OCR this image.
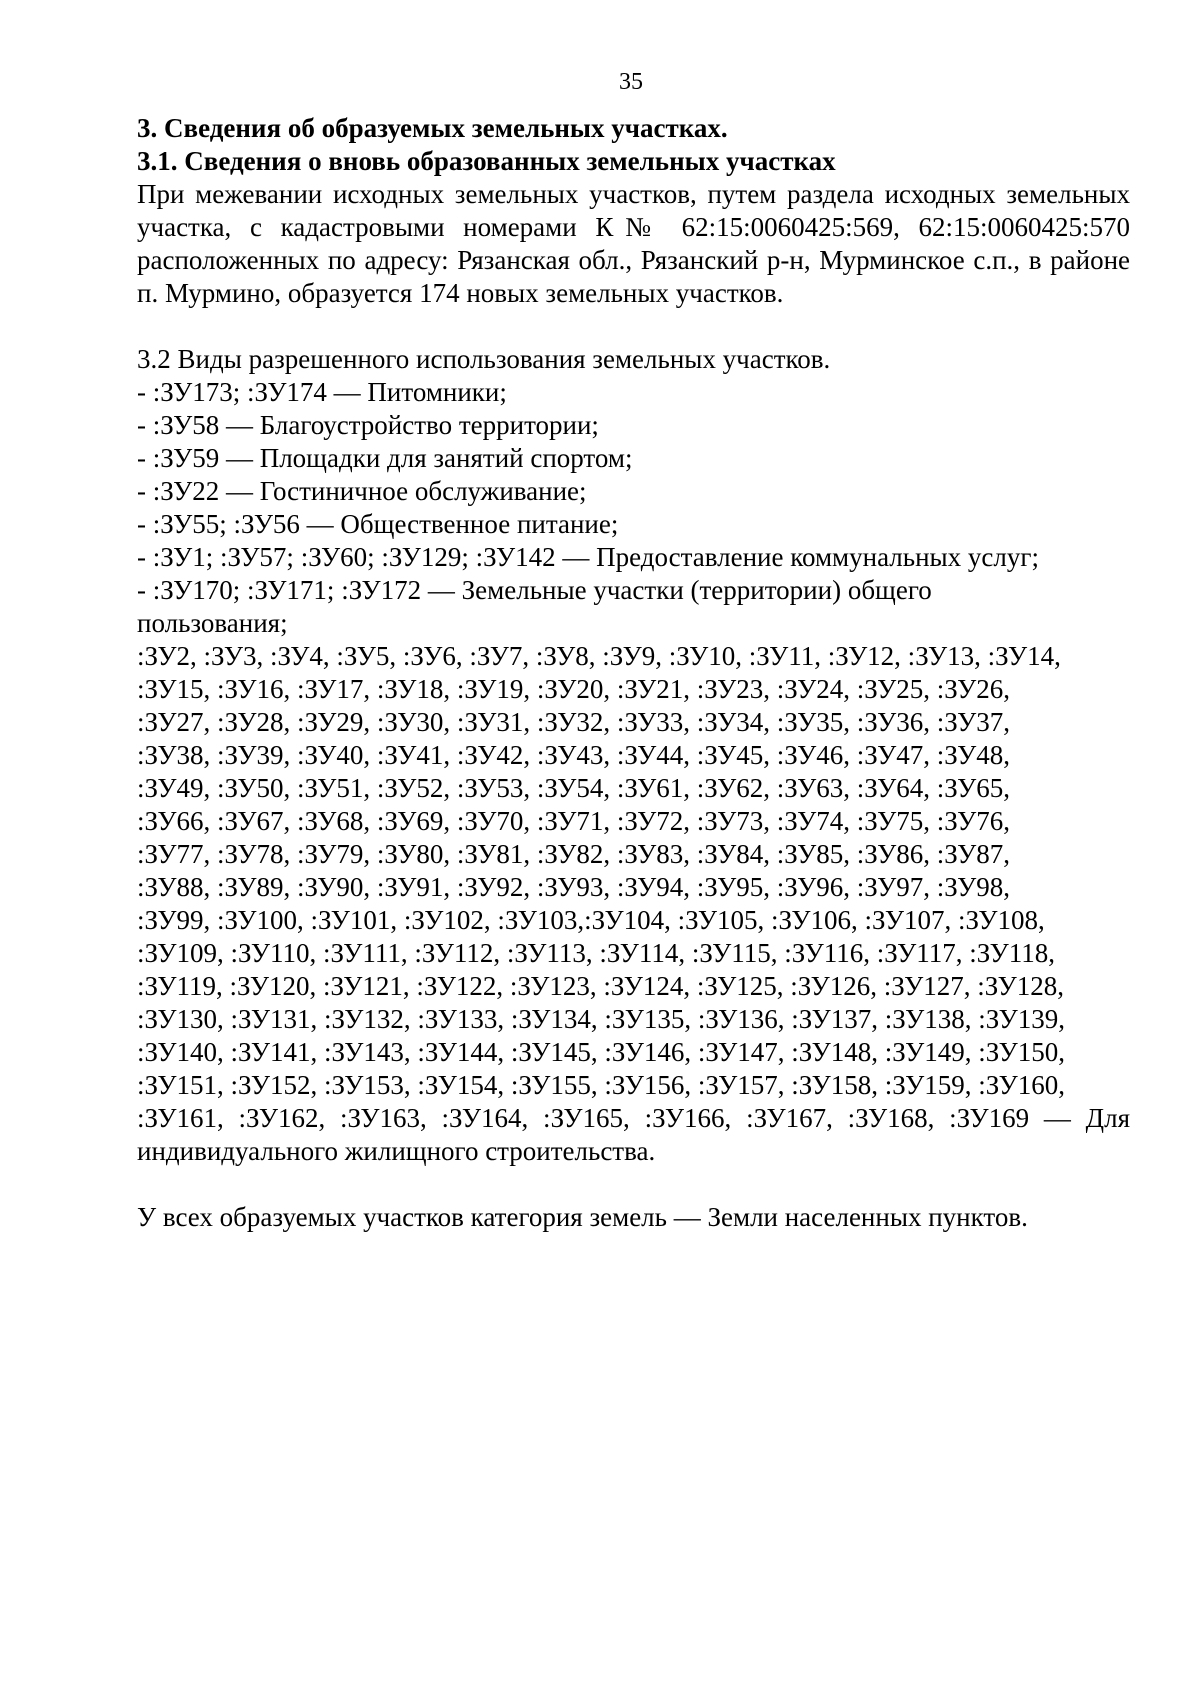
35

3. Сведения об образуемых земельных участках.

3.1. Сведения о вновь образованных земельных участках

При межевании исходных земельных участков, путем раздела исходных земельных участка, с кадастровыми номерами К№ 62:15:0060425:569, 62:15:0060425:570 расположенных по адресу: Рязанская обл., Рязанский р-н, Мурминское с.п., в районе п. Мурмино, образуется 174 новых земельных участков.

3.2 Виды разрешенного использования земельных участков.

- :ЗУ173; :ЗУ174 — Питомники;

- :ЗУ58 — Благоустройство территории;

- :ЗУ59 — Площадки для занятий спортом;

- :ЗУ22 — Гостиничное обслуживание;

- :ЗУ55; :ЗУ56 — Общественное питание;

- :ЗУ1; :ЗУ57; :ЗУ60; :ЗУ129; :ЗУ142 — Предоставление коммунальных услуг;

- :ЗУ170; :ЗУ171; :ЗУ172 — Земельные участки (территории) общего

пользования;

:ЗУ2, :ЗУ3, :ЗУ4, :ЗУ5, :ЗУ6, :ЗУ7, :ЗУ8, :ЗУ9, :ЗУ10, :ЗУ11, :ЗУ12, :ЗУ13, :ЗУ14,

:ЗУ15, :ЗУ16, :ЗУ17, :ЗУ18, :ЗУ19, :ЗУ20, :ЗУ21, :ЗУ23, :ЗУ24, :ЗУ25, :ЗУ26,

:ЗУ27, :ЗУ28, :ЗУ29, :ЗУ30, :ЗУ31, :ЗУ32, :ЗУ33, :ЗУ34, :ЗУ35, :ЗУ36, :ЗУ37,

:ЗУ38, :ЗУ39, :ЗУ40, :ЗУ41, :ЗУ42, :ЗУ43, :ЗУ44, :ЗУ45, :ЗУ46, :ЗУ47, :ЗУ48,

:ЗУ49, :ЗУ50, :ЗУ51, :ЗУ52, :ЗУ53, :ЗУ54, :ЗУ61, :ЗУ62, :ЗУ63, :ЗУ64, :ЗУ65,

:ЗУ66, :ЗУ67, :ЗУ68, :ЗУ69, :ЗУ70, :ЗУ71, :ЗУ72, :ЗУ73, :ЗУ74, :ЗУ75, :ЗУ76,

:ЗУ77, :ЗУ78, :ЗУ79, :ЗУ80, :ЗУ81, :ЗУ82, :ЗУ83, :ЗУ84, :ЗУ85, :ЗУ86, :ЗУ87,

:ЗУ88, :ЗУ89, :ЗУ90, :ЗУ91, :ЗУ92, :ЗУ93, :ЗУ94, :ЗУ95, :ЗУ96, :ЗУ97, :ЗУ98,

:ЗУ99, :ЗУ100, :ЗУ101, :ЗУ102, :ЗУ103,:ЗУ104, :ЗУ105, :ЗУ106, :ЗУ107, :ЗУ108,

:ЗУ109, :ЗУ110, :ЗУ111, :ЗУ112, :ЗУ113, :ЗУ114, :ЗУ115, :ЗУ116, :ЗУ117, :ЗУ118,

:ЗУ119, :ЗУ120, :ЗУ121, :ЗУ122, :ЗУ123, :ЗУ124, :ЗУ125, :ЗУ126, :ЗУ127, :ЗУ128,

:ЗУ130, :ЗУ131, :ЗУ132, :ЗУ133, :ЗУ134, :ЗУ135, :ЗУ136, :ЗУ137, :ЗУ138, :ЗУ139,

:ЗУ140, :ЗУ141, :ЗУ143, :ЗУ144, :ЗУ145, :ЗУ146, :ЗУ147, :ЗУ148, :ЗУ149, :ЗУ150,

:ЗУ151, :ЗУ152, :ЗУ153, :ЗУ154, :ЗУ155, :ЗУ156, :ЗУ157, :ЗУ158, :ЗУ159, :ЗУ160,

:ЗУ161, :ЗУ162, :ЗУ163, :ЗУ164, :ЗУ165, :ЗУ166, :ЗУ167, :ЗУ168, :ЗУ169 — Для

индивидуального жилищного строительства.

У всех образуемых участков категория земель — Земли населенных пунктов.
